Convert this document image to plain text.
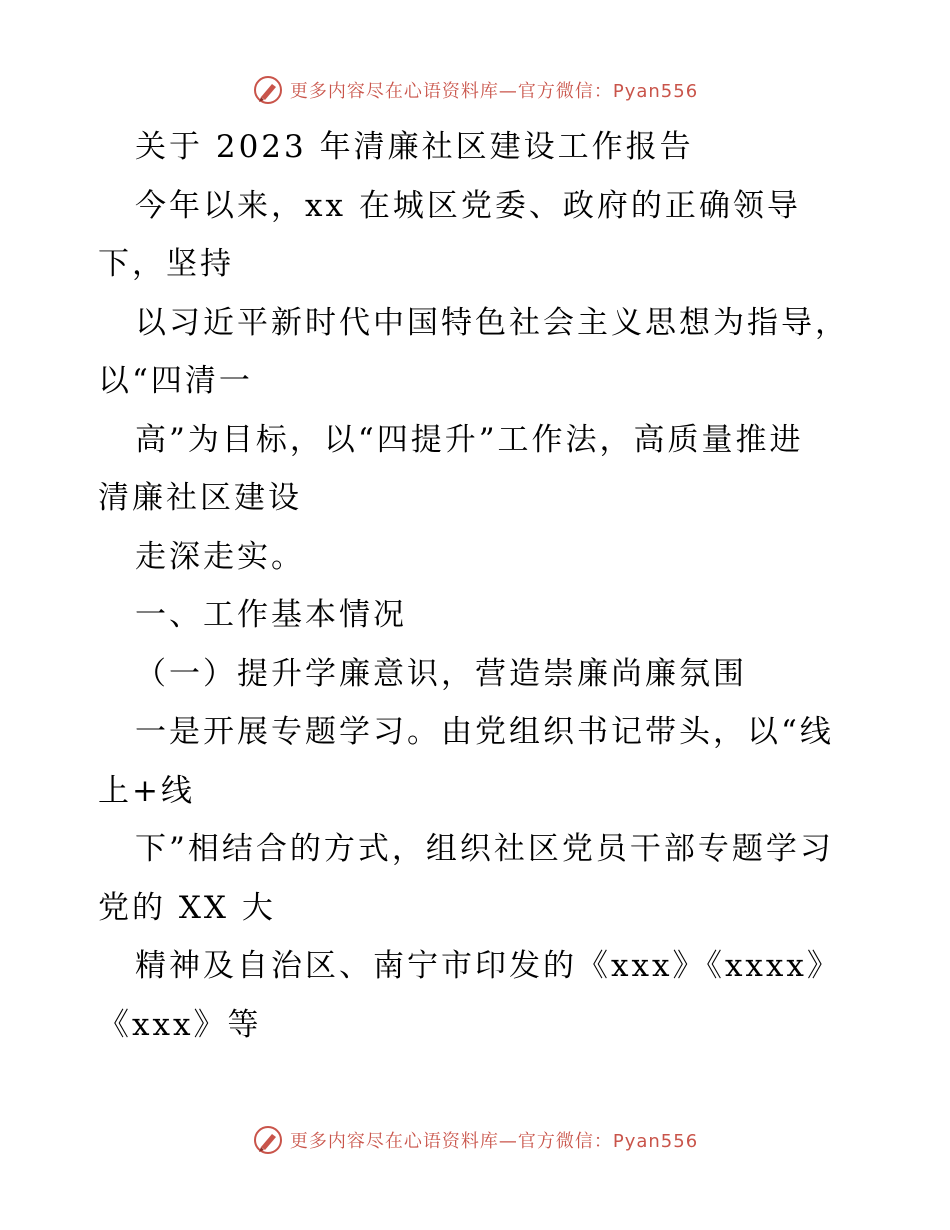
更多内容尽在心语资料库—官方微信：Pyan556
关于 2023 年清廉社区建设工作报告
今年以来，xx 在城区党委、政府的正确领导
下，坚持
以习近平新时代中国特色社会主义思想为指导，
以“四清一
高”为目标，以“四提升”工作法，高质量推进
清廉社区建设
走深走实。
一、工作基本情况
（一）提升学廉意识，营造崇廉尚廉氛围
一是开展专题学习。由党组织书记带头，以“线
上+线
下”相结合的方式，组织社区党员干部专题学习
党的 XX 大
精神及自治区、南宁市印发的《xxx》《xxxx》
《xxx》等
更多内容尽在心语资料库—官方微信：Pyan556
